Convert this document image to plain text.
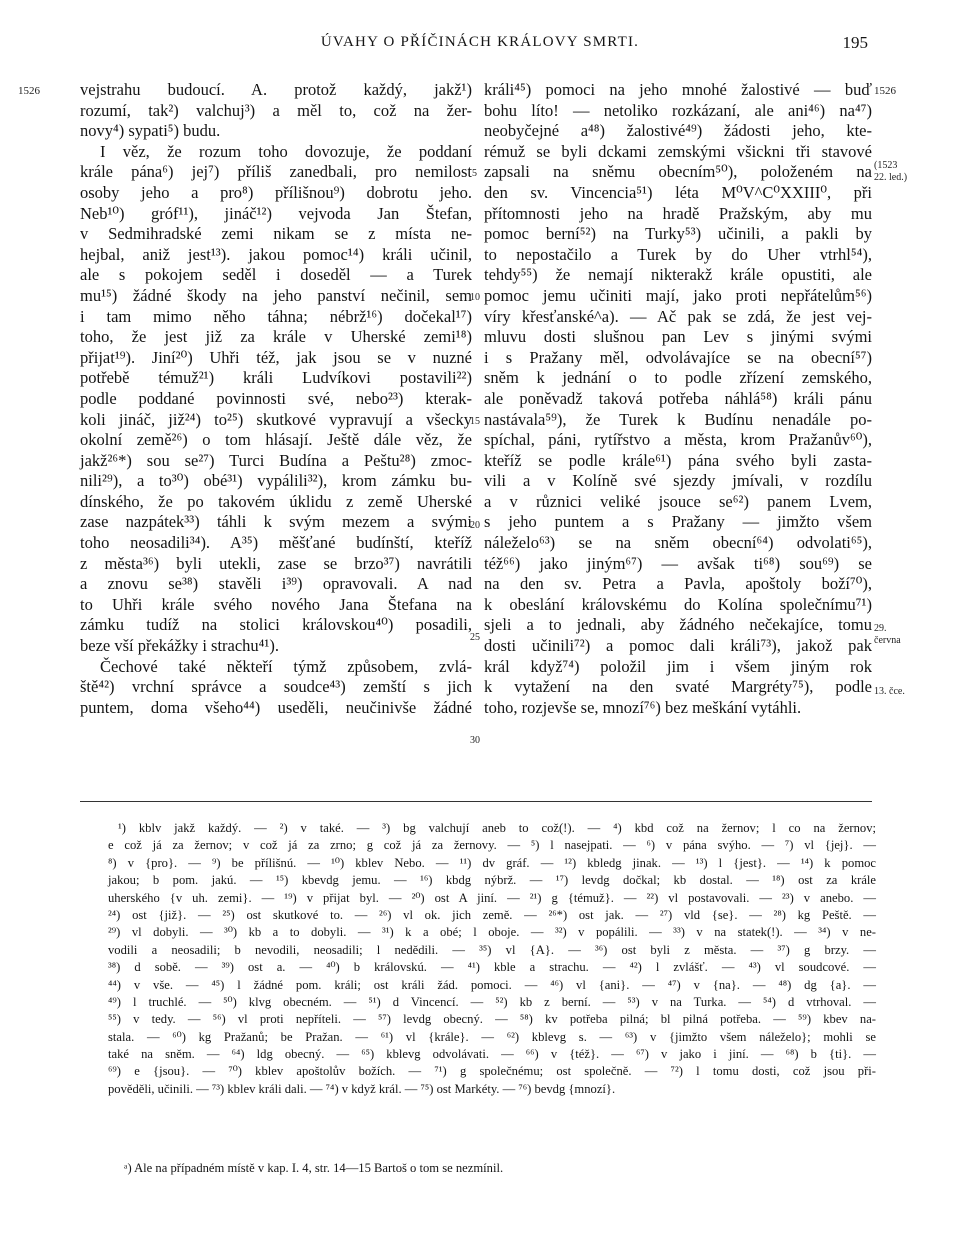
ÚVAHY O PŘÍČINÁCH KRÁLOVY SMRTI.	195
1526	1526
(1523
22. led.)
29.
června
13. čce.
5
10
15
20
25
30
vejstrahu budoucí. A. protož každý, jakž¹)
rozumí, tak²) valchuj³) a měl to, což na žer-
novy⁴) sypati⁵) budu.
I věz, že rozum toho dovozuje, že poddaní
krále pána⁶) jej⁷) příliš zanedbali, pro nemilost
osoby jeho a pro⁸) přílišnou⁹) dobrotu jeho.
Neb¹⁰) gróf¹¹), jináč¹²) vejvoda Jan Štefan,
v Sedmihradské zemi nikam se z místa ne-
hejbal, aniž jest¹³). jakou pomoc¹⁴) králi učinil,
ale s pokojem seděl i doseděl — a Turek
mu¹⁵) žádné škody na jeho panství nečinil, sem
i tam mimo něho táhna; nébrž¹⁶) dočekal¹⁷)
toho, že jest již za krále v Uherské zemi¹⁸)
přijat¹⁹). Jiní²⁰) Uhři též, jak jsou se v nuzné
potřebě témuž²¹) králi Ludvíkovi postavili²²)
podle poddané povinnosti své, nebo²³) kterak-
koli jináč, již²⁴) to²⁵) skutkové vypravují a všecky
okolní země²⁶) o tom hlásají. Ještě dále věz, že
jakž²⁶*) sou se²⁷) Turci Budína a Peštu²⁸) zmoc-
nili²⁹), a to³⁰) obé³¹) vypálili³²), krom zámku bu-
dínského, že po takovém úklidu z země Uherské
zase nazpátek³³) táhli k svým mezem a svými
toho neosadili³⁴). A³⁵) měšťané budínští, kteříž
z města³⁶) byli utekli, zase se brzo³⁷) navrátili
a znovu se³⁸) stavěli i³⁹) opravovali. A nad
to Uhři krále svého nového Jana Štefana na
zámku tudíž na stolici královskou⁴⁰) posadili,
beze vší překážky i strachu⁴¹).
Čechové také někteří týmž způsobem, zvlá-
ště⁴²) vrchní správce a soudce⁴³) zemští s jich
puntem, doma všeho⁴⁴) useděli, neučinivše žádné
králi⁴⁵) pomoci na jeho mnohé žalostivé — buď
bohu líto! — netoliko rozkázaní, ale ani⁴⁶) na⁴⁷)
neobyčejné a⁴⁸) žalostivé⁴⁹) žádosti jeho, kte-
rémuž se byli dckami zemskými všickni tři stavové
zapsali na sněmu obecním⁵⁰), položeném na
den sv. Vincencia⁵¹) léta M⁰V^C⁰XXIII⁰, při
přítomnosti jeho na hradě Pražským, aby mu
pomoc berní⁵²) na Turky⁵³) učinili, a pakli by
to nepostačilo a Turek by do Uher vtrhl⁵⁴),
tehdy⁵⁵) že nemají nikterakž krále opustiti, ale
pomoc jemu učiniti mají, jako proti nepřátelům⁵⁶)
víry křesťanské^a). — Ač pak se zdá, že jest vej-
mluvu dosti slušnou pan Lev s jinými svými
i s Pražany měl, odvolávajíce se na obecní⁵⁷)
sněm k jednání o to podle zřízení zemského,
ale poněvadž taková potřeba náhlá⁵⁸) králi pánu
nastávala⁵⁹), že Turek k Budínu nenadále po-
spíchal, páni, rytířstvo a města, krom Pražanův⁶⁰),
kteříž se podle krále⁶¹) pána svého byli zasta-
vili a v Kolíně své sjezdy jmívali, v rozdílu
a v různici veliké jsouce se⁶²) panem Lvem,
s jeho puntem a s Pražany — jimžto všem
náleželo⁶³) se na sněm obecní⁶⁴) odvolati⁶⁵),
též⁶⁶) jako jiným⁶⁷) — avšak ti⁶⁸) sou⁶⁹) se
na den sv. Petra a Pavla, apoštoly boží⁷⁰),
k obeslání královskému do Kolína společnímu⁷¹)
sjeli a to jednali, aby žádného nečekajíce, tomu
dosti učinili⁷²) a pomoc dali králi⁷³), jakož pak
král když⁷⁴) položil jim i všem jiným rok
k vytažení na den svaté Margréty⁷⁵), podle
toho, rozjevše se, mnozí⁷⁶) bez meškání vytáhli.
¹) kblv jakž každý. — ²) v také. — ³) bg valchují aneb to což(!). — ⁴) kbd což na žernov; l co na žernov;
e což já za žernov; v což já za zrno; g což já za žernovy. — ⁵) l nasejpati. — ⁶) v pána svýho. — ⁷) vl {jej}. —
⁸) v {pro}. — ⁹) be přílišnú. — ¹⁰) kblev Nebo. — ¹¹) dv gráf. — ¹²) kbledg jinak. — ¹³) l {jest}. — ¹⁴) k pomoc
jakou; b pom. jakú. — ¹⁵) kbevdg jemu. — ¹⁶) kbdg nýbrž. — ¹⁷) levdg dočkal; kb dostal. — ¹⁸) ost za krále
uherského {v uh. zemi}. — ¹⁹) v přijat byl. — ²⁰) ost A jiní. — ²¹) g {témuž}. — ²²) vl postavovali. — ²³) v anebo. —
²⁴) ost {již}. — ²⁵) ost skutkové to. — ²⁶) vl ok. jich země. — ²⁶*) ost jak. — ²⁷) vld {se}. — ²⁸) kg Peště. —
²⁹) vl dobyli. — ³⁰) kb a to dobyli. — ³¹) k a obé; l oboje. — ³²) v popálili. — ³³) v na statek(!). — ³⁴) v ne-
vodili a neosadili; b nevodili, neosadili; l nedědili. — ³⁵) vl {A}. — ³⁶) ost byli z města. — ³⁷) g brzy. —
³⁸) d sobě. — ³⁹) ost a. — ⁴⁰) b královskú. — ⁴¹) kble a strachu. — ⁴²) l zvlášť. — ⁴³) vl soudcové. —
⁴⁴) v vše. — ⁴⁵) l žádné pom. králi; ost králi žád. pomoci. — ⁴⁶) vl {ani}. — ⁴⁷) v {na}. — ⁴⁸) dg {a}. —
⁴⁹) l truchlé. — ⁵⁰) klvg obecném. — ⁵¹) d Vincencí. — ⁵²) kb z berní. — ⁵³) v na Turka. — ⁵⁴) d vtrhoval. —
⁵⁵) v tedy. — ⁵⁶) vl proti nepříteli. — ⁵⁷) levdg obecný. — ⁵⁸) kv potřeba pilná; bl pilná potřeba. — ⁵⁹) kbev na-
stala. — ⁶⁰) kg Pražanů; be Pražan. — ⁶¹) vl {krále}. — ⁶²) kblevg s. — ⁶³) v {jimžto všem náleželo}; mohli se
také na sněm. — ⁶⁴) ldg obecný. — ⁶⁵) kblevg odvolávati. — ⁶⁶) v {též}. — ⁶⁷) v jako i jiní. — ⁶⁸) b {ti}. —
⁶⁹) e {jsou}. — ⁷⁰) kblev apoštolův božích. — ⁷¹) g společnému; ost společně. — ⁷²) l tomu dosti, což jsou při-
pověděli, učinili. — ⁷³) kblev králi dali. — ⁷⁴) v když král. — ⁷⁵) ost Markéty. — ⁷⁶) bevdg {mnozí}.
ᵃ) Ale na případném místě v kap. I. 4, str. 14—15 Bartoš o tom se nezmínil.
